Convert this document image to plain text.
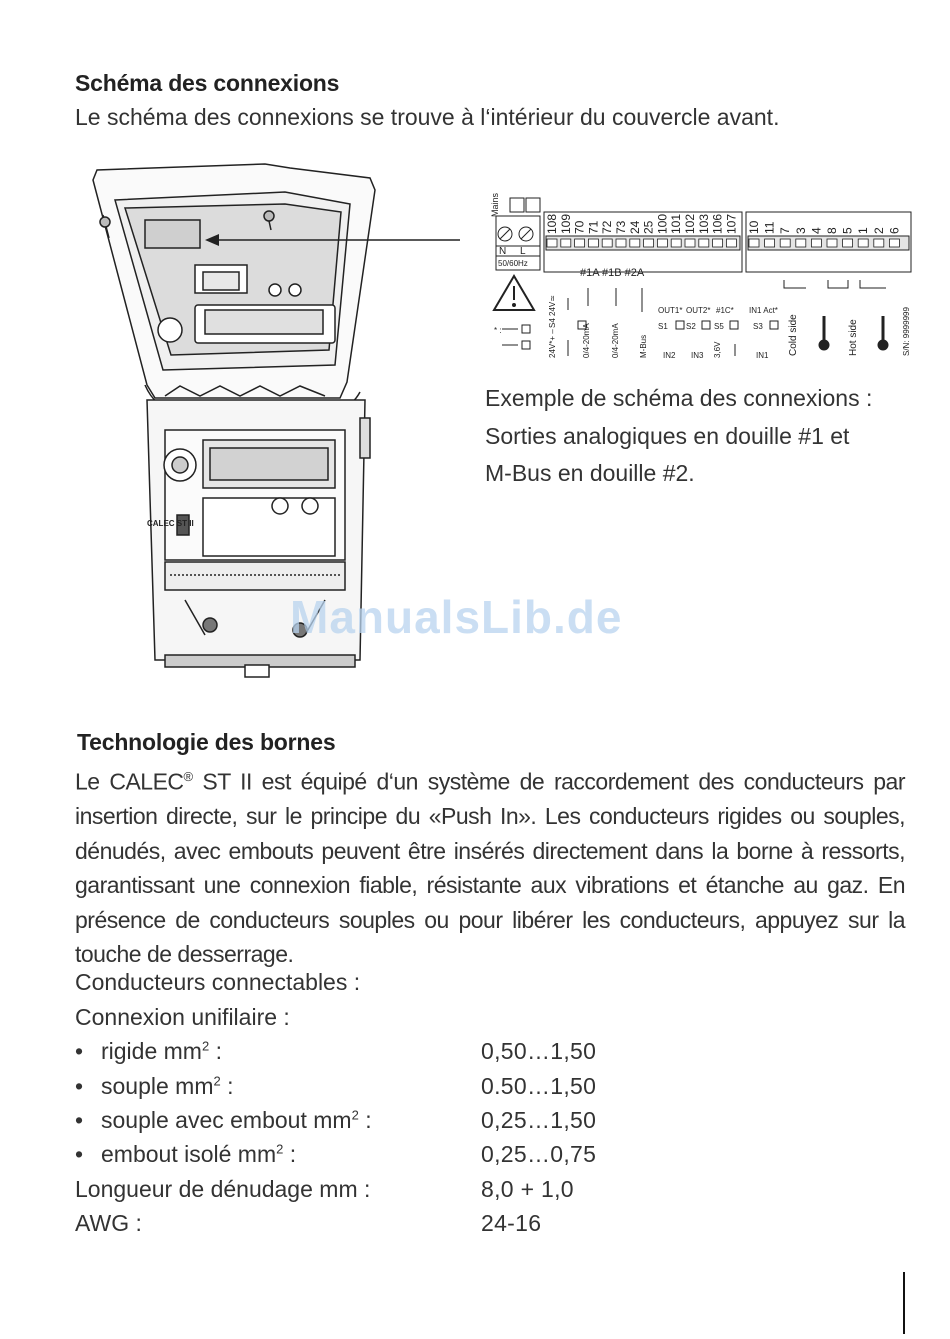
Schéma des connexions
Le schéma des connexions se trouve à l‘intérieur du couvercle avant.
CALEC ST II
Mains
N L
50/60Hz
#1A #1B #2A
* :
OUT1* OUT2* #1C*
S1 S2 S5
IN2 IN3
IN1 Act*
S3
IN1
24V≃
S4
24V*+ –	0/4-20mA	0/4-20mA M-Bus	3,6V	Cold side	Hot side	S/N: 9999999
108 109 70 71 72 73 24 25 100 101 102 103 106 107 10 11 7 3 4 8 5 1 2 6
Exemple de schéma des connexions :
Sorties analogiques en douille #1 et
M-Bus en douille #2.
ManualsLib.de
Technologie des bornes
Le CALEC® ST II est équipé d‘un système de raccordement des conducteurs par insertion directe, sur le principe du «Push In». Les conducteurs rigides ou souples, dénudés, avec embouts peuvent être insérés directement dans la borne à ressorts, garantissant une connexion fiable, résistante aux vibrations et étanche au gaz. En présence de conducteurs souples ou pour libérer les conducteurs, appuyez sur la touche de desserrage.
Conducteurs connectables :
Connexion unifilaire :
• rigide $mm^2$ :	0,50…1,50
• souple $mm^2$ :	0.50…1,50
• souple avec embout $mm^2$ :	0,25…1,50
• embout isolé $mm^2$ :	0,25…0,75
Longueur de dénudage mm :	8,0 + 1,0
AWG :	24-16
